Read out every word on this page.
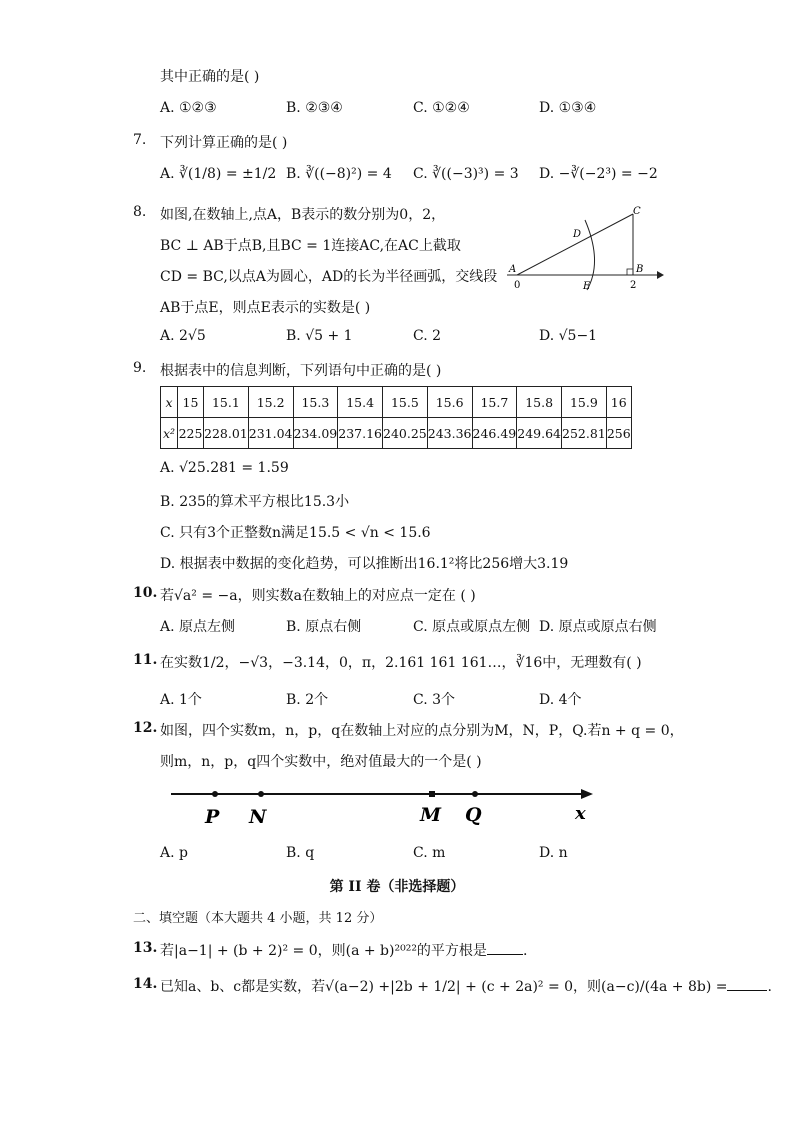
其中正确的是( )
A. ①②③	B. ②③④	C. ①②④	D. ①③④
7. 下列计算正确的是( )
A. ∛(1/8) = ±1/2 B. ∛((−8)²) = 4 C. ∛((−3)³) = 3 D. −∛(−2³) = −2
8. 如图,在数轴上,点A，B表示的数分别为0，2，
BC ⊥ AB于点B,且BC = 1连接AC,在AC上截取
CD = BC,以点A为圆心，AD的长为半径画弧，交线段
AB于点E，则点E表示的实数是( )
A
0
B
2
C
D
E
A. 2√5	B. √5 + 1	C. 2	D. √5−1
9. 根据表中的信息判断，下列语句中正确的是( )
x	15	15.1	15.2	15.3	15.4	15.5	15.6	15.7	15.8	15.9	16
x²	225	228.01	231.04	234.09	237.16	240.25	243.36	246.49	249.64	252.81	256
A. √25.281 = 1.59
B. 235的算术平方根比15.3小
C. 只有3个正整数n满足15.5 < √n < 15.6
D. 根据表中数据的变化趋势，可以推断出16.1²将比256增大3.19
10. 若√a² = −a，则实数a在数轴上的对应点一定在 ( )
A. 原点左侧	B. 原点右侧	C. 原点或原点左侧 D. 原点或原点右侧
11. 在实数1/2，−√3，−3.14，0，π，2.161 161 161…，∛16中，无理数有( )
A. 1个	B. 2个	C. 3个	D. 4个
12. 如图，四个实数m，n，p，q在数轴上对应的点分别为M，N，P，Q.若n + q = 0，
则m，n，p，q四个实数中，绝对值最大的一个是( )
P N	M Q	x
A. p	B. q	C. m	D. n
第 II 卷（非选择题）
二、填空题（本大题共 4 小题，共 12 分）
13. 若|a−1| + (b + 2)² = 0，则(a + b)²⁰²²的平方根是	.
14. 已知a、b、c都是实数，若√(a−2) +|2b + 1/2| + (c + 2a)² = 0，则(a−c)/(4a + 8b) =	.
